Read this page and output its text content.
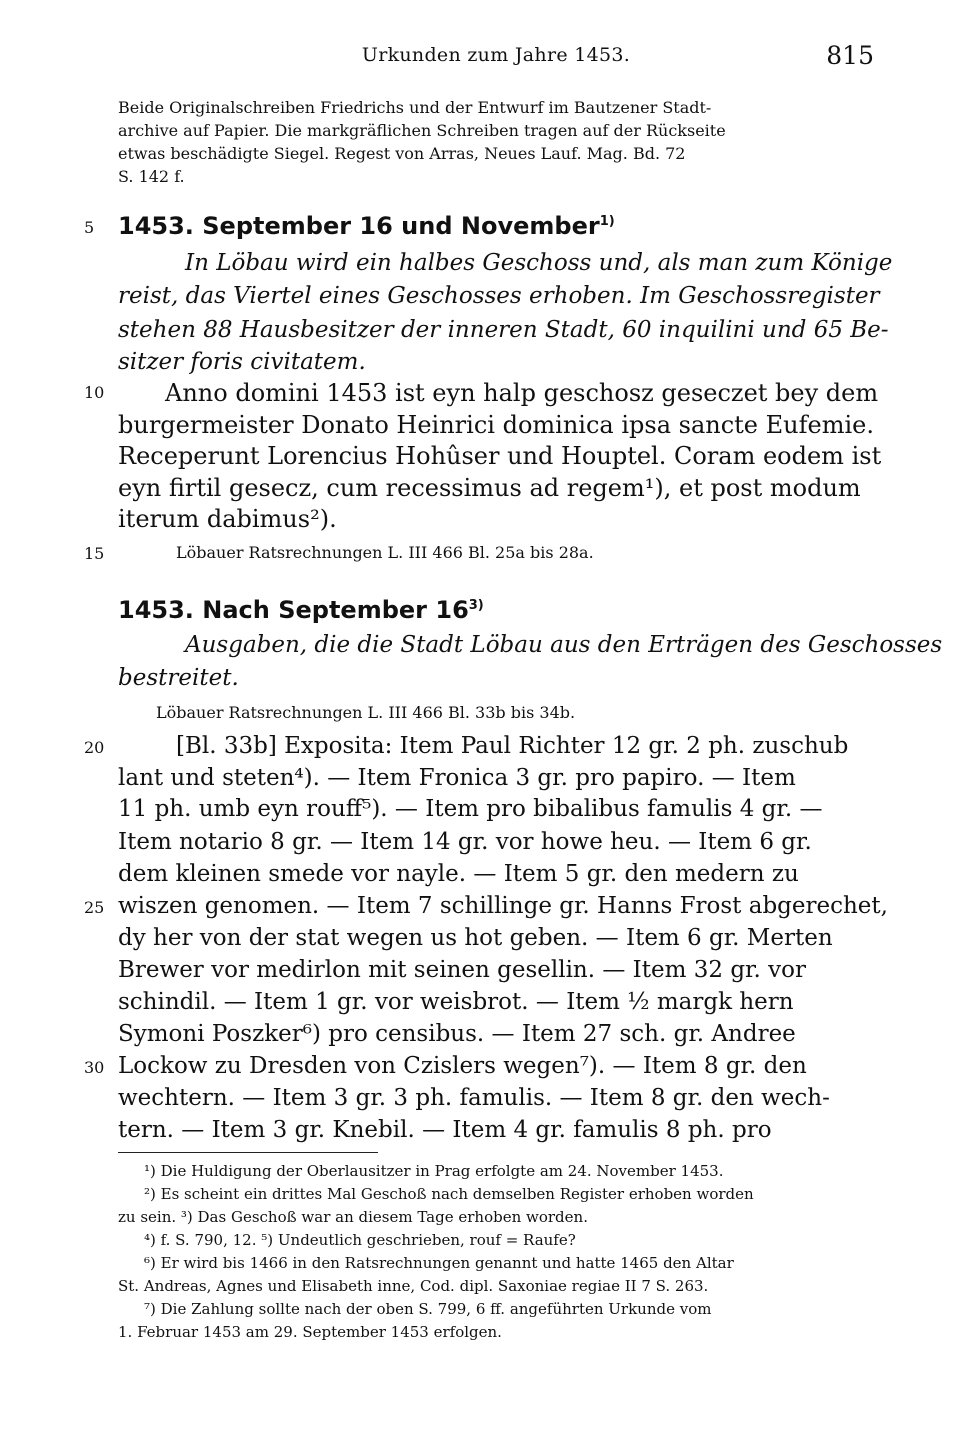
Urkunden zum Jahre 1453.	815
Beide Originalschreiben Friedrichs und der Entwurf im Bautzener Stadt-
archive auf Papier. Die markgräflichen Schreiben tragen auf der Rückseite
etwas beschädigte Siegel. Regest von Arras, Neues Lauf. Mag. Bd. 72
S. 142 f.
5
10
15
20
25
30
1453. September 16 und November$^{1)}$
In Löbau wird ein halbes Geschoss und, als man zum Könige
reist, das Viertel eines Geschosses erhoben. Im Geschossregister
stehen 88 Hausbesitzer der inneren Stadt, 60 inquilini und 65 Be-
sitzer foris civitatem.
Anno domini 1453 ist eyn halp geschosz geseczet bey dem
burgermeister Donato Heinrici dominica ipsa sancte Eufemie.
Receperunt Lorencius Hohûser und Houptel. Coram eodem ist
eyn firtil gesecz, cum recessimus ad regem¹), et post modum
iterum dabimus²).
Löbauer Ratsrechnungen L. III 466 Bl. 25a bis 28a.
1453. Nach September 16$^{3)}$
Ausgaben, die die Stadt Löbau aus den Erträgen des Geschosses
bestreitet.
Löbauer Ratsrechnungen L. III 466 Bl. 33b bis 34b.
[Bl. 33b] Exposita: Item Paul Richter 12 gr. 2 ph. zuschub
lant und steten⁴). — Item Fronica 3 gr. pro papiro. — Item
11 ph. umb eyn rouff⁵). — Item pro bibalibus famulis 4 gr. —
Item notario 8 gr. — Item 14 gr. vor howe heu. — Item 6 gr.
dem kleinen smede vor nayle. — Item 5 gr. den medern zu
wiszen genomen. — Item 7 schillinge gr. Hanns Frost abgerechet,
dy her von der stat wegen us hot geben. — Item 6 gr. Merten
Brewer vor medirlon mit seinen gesellin. — Item 32 gr. vor
schindil. — Item 1 gr. vor weisbrot. — Item ½ margk hern
Symoni Poszker⁶) pro censibus. — Item 27 sch. gr. Andree
Lockow zu Dresden von Czislers wegen⁷). — Item 8 gr. den
wechtern. — Item 3 gr. 3 ph. famulis. — Item 8 gr. den wech-
tern. — Item 3 gr. Knebil. — Item 4 gr. famulis 8 ph. pro
¹) Die Huldigung der Oberlausitzer in Prag erfolgte am 24. November 1453.
²) Es scheint ein drittes Mal Geschoß nach demselben Register erhoben worden
zu sein. ³) Das Geschoß war an diesem Tage erhoben worden.
⁴) f. S. 790, 12. ⁵) Undeutlich geschrieben, rouf = Raufe?
⁶) Er wird bis 1466 in den Ratsrechnungen genannt und hatte 1465 den Altar
St. Andreas, Agnes und Elisabeth inne, Cod. dipl. Saxoniae regiae II 7 S. 263.
⁷) Die Zahlung sollte nach der oben S. 799, 6 ff. angeführten Urkunde vom
1. Februar 1453 am 29. September 1453 erfolgen.
